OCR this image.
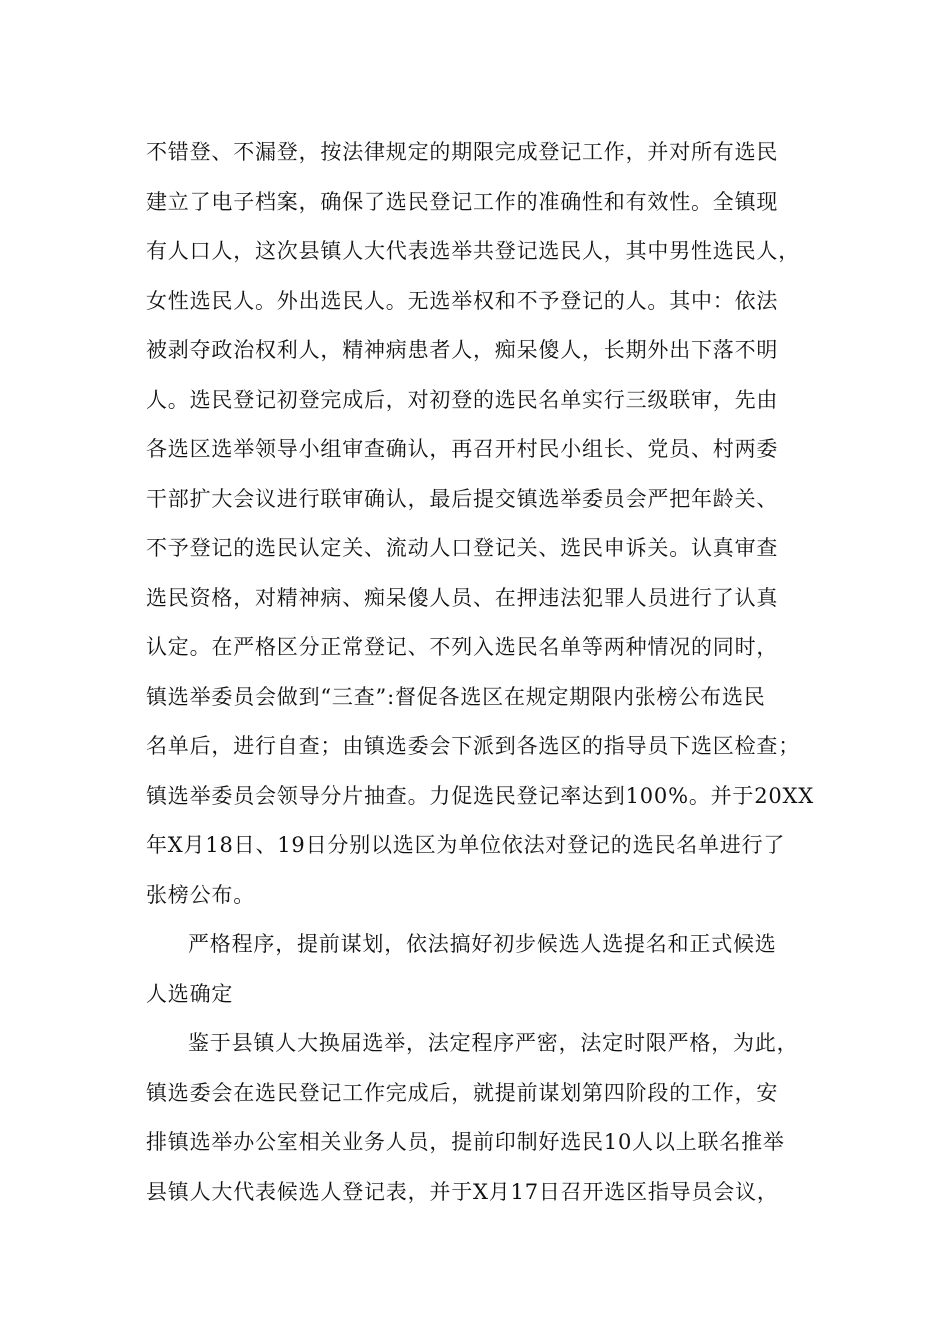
不错登、不漏登，按法律规定的期限完成登记工作，并对所有选民
建立了电子档案，确保了选民登记工作的准确性和有效性。全镇现
有人口人，这次县镇人大代表选举共登记选民人，其中男性选民人，
女性选民人。外出选民人。无选举权和不予登记的人。其中：依法
被剥夺政治权利人，精神病患者人，痴呆傻人，长期外出下落不明
人。选民登记初登完成后，对初登的选民名单实行三级联审，先由
各选区选举领导小组审查确认，再召开村民小组长、党员、村两委
干部扩大会议进行联审确认，最后提交镇选举委员会严把年龄关、
不予登记的选民认定关、流动人口登记关、选民申诉关。认真审查
选民资格，对精神病、痴呆傻人员、在押违法犯罪人员进行了认真
认定。在严格区分正常登记、不列入选民名单等两种情况的同时，
镇选举委员会做到“三查”:督促各选区在规定期限内张榜公布选民
名单后，进行自查；由镇选委会下派到各选区的指导员下选区检查；
镇选举委员会领导分片抽查。力促选民登记率达到100%。并于20XX
年X月18日、19日分别以选区为单位依法对登记的选民名单进行了
张榜公布。
严格程序，提前谋划，依法搞好初步候选人选提名和正式候选
人选确定
鉴于县镇人大换届选举，法定程序严密，法定时限严格，为此，
镇选委会在选民登记工作完成后，就提前谋划第四阶段的工作，安
排镇选举办公室相关业务人员，提前印制好选民10人以上联名推举
县镇人大代表候选人登记表，并于X月17日召开选区指导员会议，
